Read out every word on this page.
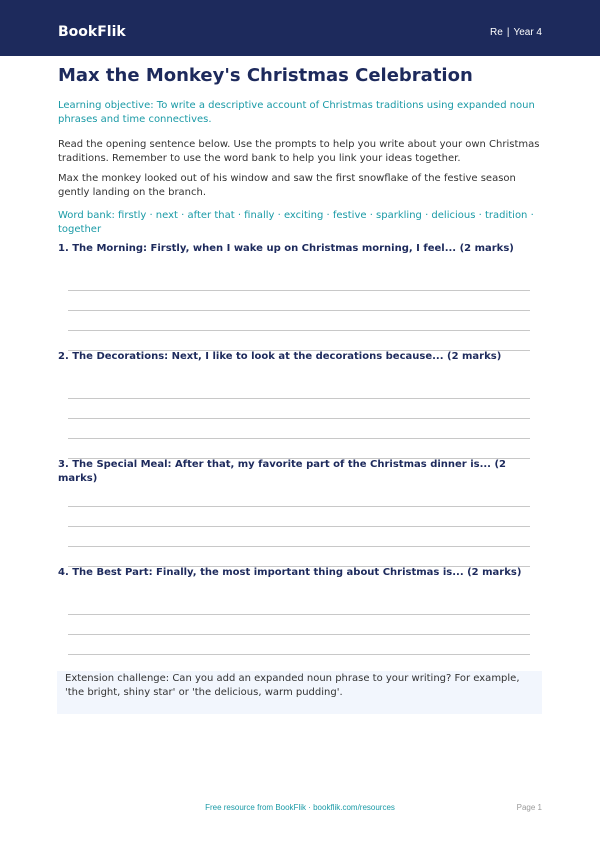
BookFlik	Re | Year 4
Max the Monkey's Christmas Celebration

Learning objective: To write a descriptive account of Christmas traditions using expanded noun phrases and time connectives.

Read the opening sentence below. Use the prompts to help you write about your own Christmas traditions. Remember to use the word bank to help you link your ideas together.

Max the monkey looked out of his window and saw the first snowflake of the festive season gently landing on the branch.

Word bank: firstly · next · after that · finally · exciting · festive · sparkling · delicious · tradition · together

1. The Morning: Firstly, when I wake up on Christmas morning, I feel... (2 marks)

2. The Decorations: Next, I like to look at the decorations because... (2 marks)

3. The Special Meal: After that, my favorite part of the Christmas dinner is... (2 marks)

4. The Best Part: Finally, the most important thing about Christmas is... (2 marks)

Extension challenge: Can you add an expanded noun phrase to your writing? For example, 'the bright, shiny star' or 'the delicious, warm pudding'.

Free resource from BookFlik · bookflik.com/resources	Page 1
